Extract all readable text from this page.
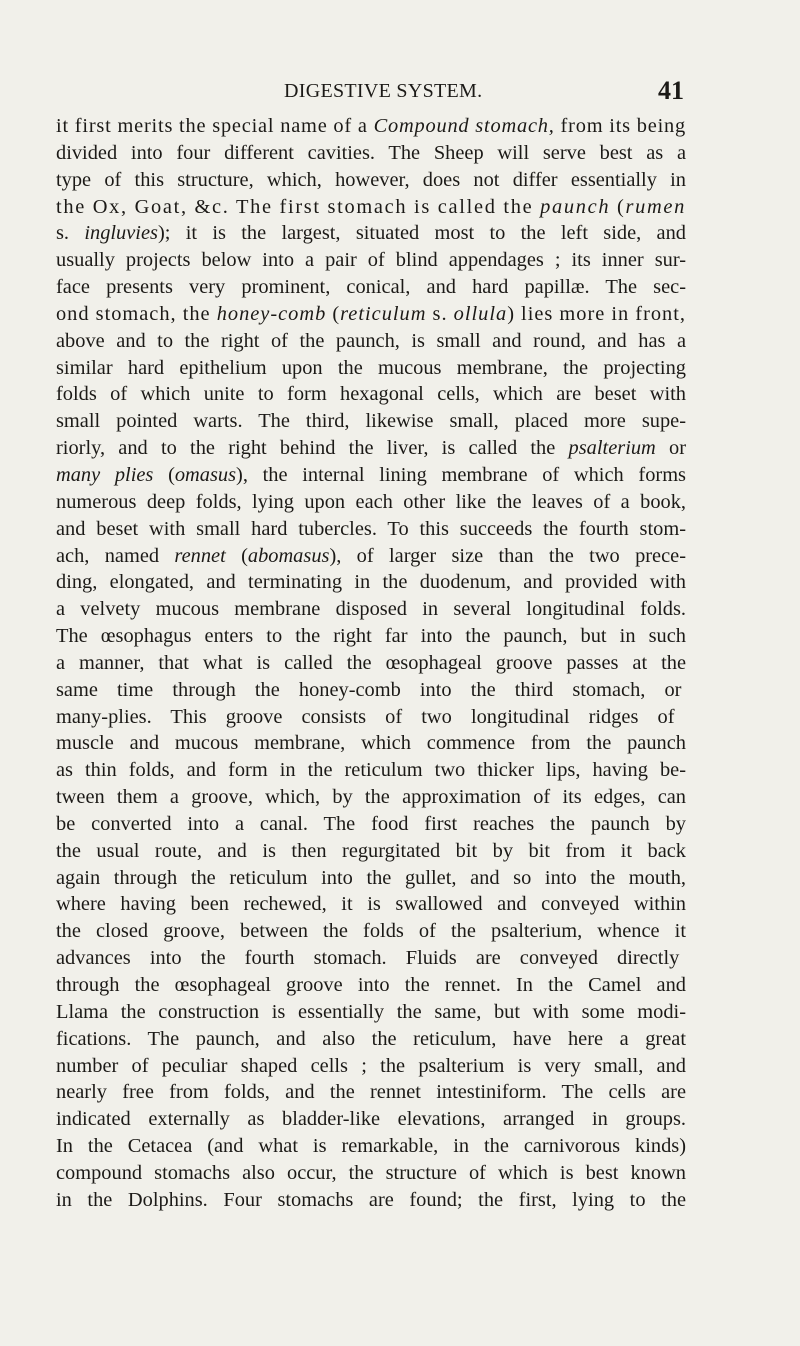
DIGESTIVE SYSTEM.	41
it first merits the special name of a Compound stomach, from its being
divided into four different cavities. The Sheep will serve best as a
type of this structure, which, however, does not differ essentially in
the Ox, Goat, &c. The first stomach is called the paunch (rumen
s. ingluvies); it is the largest, situated most to the left side, and
usually projects below into a pair of blind appendages ; its inner sur-
face presents very prominent, conical, and hard papillæ. The sec-
ond stomach, the honey-comb (reticulum s. ollula) lies more in front,
above and to the right of the paunch, is small and round, and has a
similar hard epithelium upon the mucous membrane, the projecting
folds of which unite to form hexagonal cells, which are beset with
small pointed warts. The third, likewise small, placed more supe-
riorly, and to the right behind the liver, is called the psalterium or
many plies (omasus), the internal lining membrane of which forms
numerous deep folds, lying upon each other like the leaves of a book,
and beset with small hard tubercles. To this succeeds the fourth stom-
ach, named rennet (abomasus), of larger size than the two prece-
ding, elongated, and terminating in the duodenum, and provided with
a velvety mucous membrane disposed in several longitudinal folds.
The œsophagus enters to the right far into the paunch, but in such
a manner, that what is called the œsophageal groove passes at the
same time through the honey-comb into the third stomach, or
many-plies. This groove consists of two longitudinal ridges of
muscle and mucous membrane, which commence from the paunch
as thin folds, and form in the reticulum two thicker lips, having be-
tween them a groove, which, by the approximation of its edges, can
be converted into a canal. The food first reaches the paunch by
the usual route, and is then regurgitated bit by bit from it back
again through the reticulum into the gullet, and so into the mouth,
where having been rechewed, it is swallowed and conveyed within
the closed groove, between the folds of the psalterium, whence it
advances into the fourth stomach. Fluids are conveyed directly
through the œsophageal groove into the rennet. In the Camel and
Llama the construction is essentially the same, but with some modi-
fications. The paunch, and also the reticulum, have here a great
number of peculiar shaped cells ; the psalterium is very small, and
nearly free from folds, and the rennet intestiniform. The cells are
indicated externally as bladder-like elevations, arranged in groups.
In the Cetacea (and what is remarkable, in the carnivorous kinds)
compound stomachs also occur, the structure of which is best known
in the Dolphins. Four stomachs are found; the first, lying to the
